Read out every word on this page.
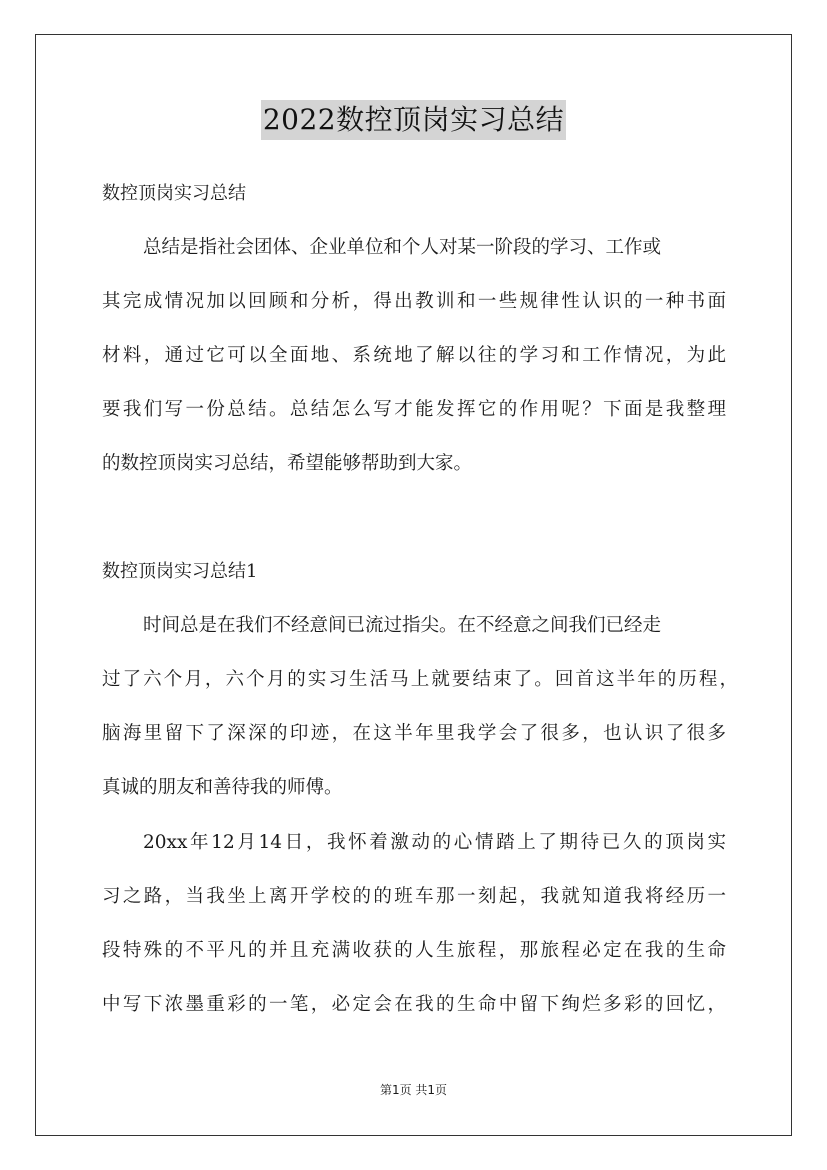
2022数控顶岗实习总结
数控顶岗实习总结
总结是指社会团体、企业单位和个人对某一阶段的学习、工作或
其完成情况加以回顾和分析，得出教训和一些规律性认识的一种书面
材料，通过它可以全面地、系统地了解以往的学习和工作情况，为此
要我们写一份总结。总结怎么写才能发挥它的作用呢？下面是我整理
的数控顶岗实习总结，希望能够帮助到大家。
数控顶岗实习总结1
时间总是在我们不经意间已流过指尖。在不经意之间我们已经走
过了六个月，六个月的实习生活马上就要结束了。回首这半年的历程，
脑海里留下了深深的印迹，在这半年里我学会了很多，也认识了很多
真诚的朋友和善待我的师傅。
20xx年12月14日，我怀着激动的心情踏上了期待已久的顶岗实
习之路，当我坐上离开学校的的班车那一刻起，我就知道我将经历一
段特殊的不平凡的并且充满收获的人生旅程，那旅程必定在我的生命
中写下浓墨重彩的一笔，必定会在我的生命中留下绚烂多彩的回忆，
第1页 共1页
